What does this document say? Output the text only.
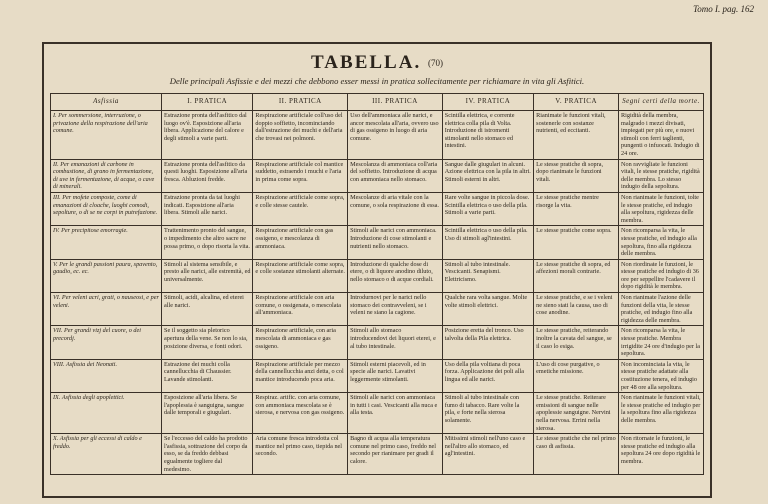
Tomo I. pag. 162
TABELLA. $^{(70)}$
Delle principali Asfissie e dei mezzi che debbono esser messi in pratica sollecitamente per richiamare in vita gli Asfitici.
Asfissia	I. PRATICA	II. PRATICA	III. PRATICA	IV. PRATICA	V. PRATICA	Segni certi della morte.
I. Per sommersione, interruzione, o privazione della respirazione dell'aria comune.	Estrazione pronta dell'asfitico dal luogo ov'è. Esposizione all'aria libera. Applicazione del calore e degli stimoli a varie parti.	Respirazione artificiale coll'uso del doppio soffietto, incominciando dall'estrazione dei muchi e dell'aria che trovasi nei polmoni.	Uso dell'ammoniaca alle narici, e ancor mescolata all'aria, ovvero uso di gas ossigeno in luogo di aria comune.	Scintilla elettrica, e corrente elettrica colla pila di Volta. Introduzione di istromenti stimolanti nello stomaco ed intestini.	Rianimate le funzioni vitali, sostenerle con sostanze nutrienti, ed eccitanti.	Rigidità della membra, malgrado i mezzi divisati, impiegati per più ore, e nuovi stimoli con ferri taglienti, pungenti o infuocati. Indugio di 24 ore.
II. Per emanazioni di carbone in combustione, di grano in fermentazione, di uve in fermentazione, di acque, o cave di minerali.	Estrazione pronta dell'asfitico da questi luoghi. Esposizione all'aria fresca. Abluzioni fredde.	Respirazione artificiale col mantice suddetto, estraendo i muchi e l'aria in prima come sopra.	Mescolanza di ammoniaca coll'aria del soffietto. Introduzione di acqua con ammoniaca nello stomaco.	Sangue dalle giugulari in alcuni. Azione elettrica con la pila in altri. Stimoli esterni in altri.	Le stesse pratiche di sopra, dopo rianimate le funzioni vitali.	Non ravvigliate le funzioni vitali, le stesse pratiche, rigidità delle membra. Lo stesso indugio della sepoltura.
III. Per mofete composte, come di emanazioni di cloache, luoghi comodi, sepolture, o di se ne corpi in putrefazione.	Estrazione pronta da tai luoghi indicati. Esposizione all'aria libera. Stimoli alle narici.	Respirazione artificiale come sopra, e colle stesse cautele.	Mescolanze di aria vitale con la comune, o sola respirazione di essa.	Rare volte sangue in piccola dose. Scintilla elettrica o uso della pila. Stimoli a varie parti.	Le stesse pratiche mentre risorge la vita.	Non rianimate le funzioni, tolte le stesse pratiche, ed indugio alla sepoltura, rigidezza delle membra.
IV. Per precipitose emorragie.	Trattenimento pronto del sangue, o impedimento che altro sacre ne possa primo, o dopo risorta la vita.	Respirazione artificiale con gas ossigeno, e mescolanza di ammoniaca.	Stimoli alle narici con ammoniaca. Introduzione di cose stimolanti e nutrienti nello stomaco.	Scintilla elettrica o uso della pila. Uso di stimoli agl'intestini.	Le stesse pratiche come sopra.	Non ricomparsa la vita, le stesse pratiche, ed indugio alla sepoltura, fino alla rigidezza delle membra.
V. Per le grandi passioni paura, spavento, gaudio, ec. ec.	Stimoli al sistema sensibile, e presto alle narici, alle estremità, ed universalmente.	Respirazione artificiale come sopra, e colle sostanze stimolanti alternate.	Introduzione di qualche dose di etere, o di liquore anodino diluto, nello stomaco o di acque cordiali.	Stimoli al tubo intestinale. Vescicanti. Senapismi. Elettricismo.	Le stesse pratiche di sopra, ed affezioni morali contrarie.	Non riordinate le funzioni, le stesse pratiche ed indugio di 36 ore per seppellire l'cadavere il dopo rigidità le membra.
VI. Per veleni acri, grati, o nauseosi, e per veleni.	Stimoli, acidi, alcalina, ed eterei alle narici.	Respirazione artificiale con aria comune, o ossigenata, o mescolata all'ammoniaca.	Introdurnovi per le narici nello stomaco dei contravveleni, se i veleni ne siano la cagione.	Qualche rara volta sangue. Molte volte stimoli elettrici.	Le stesse pratiche, e se i veleni ne sieno stati la causa, uso di cose anodine.	Non rianimate l'azione delle funzioni della vita, le stesse pratiche, ed indugio fino alla rigidezza delle membra.
VII. Per grandi vizj del cuore, o dei precordj.	Se il soggetto sia pletorico apertura della vene. Se non lo sia, posizione diversa, e fonti odori.	Respirazione artificiale, con aria mescolata di ammoniaca e gas ossigeno.	Stimoli allo stomaco introducendovi dei liquori eterei, e al tubo intestinale.	Posizione eretta del tronco. Uso talvolta della Pila elettrica.	Le stesse pratiche, reiterando inoltre la cavata del sangue, se il caso lo esiga.	Non ricomparsa la vita, le stesse pratiche. Membra irrigidite 24 ore d'indugio per la sepoltura.
VIII. Asfissia dei Neonati.	Estrazione dei muchi colla cannellucchia di Chaussier. Lavande stimolanti.	Respirazione artificiale per mezzo della cannellucchia anzi detta, o col mantice introducendo poca aria.	Stimoli esterni piacevoli, ed in specie alle narici. Lavativi leggermente stimolanti.	Uso della pila voltiana di poca forza. Applicazione dei poli alla lingua ed alle narici.	L'uso di cose purgative, o emetiche missione.	Non incominciata la vita, le stesse pratiche adattate alla costituzione tenera, ed indugio per 48 ore alla sepoltura.
IX. Asfissia degli apoplettici.	Esposizione all'aria libera. Se l'apoplessia è sanguigna, sangue dalle temporali e giugulari.	Respiraz. artific. con aria comune, con ammoniaca mescolata se è sierosa, e nervosa con gas ossigeno.	Stimoli alle narici con ammoniaca in tutti i casi. Vescicanti alla nuca e alla testa.	Stimoli al tubo intestinale con fumo di tabacco. Rare volte la pila, e forte nella sierosa solamente.	Le stesse pratiche. Reiterare emissioni di sangue nelle apoplessie sanguigne. Nervini nella nervosa. Errini nella sierosa.	Non rianimate le funzioni vitali, le stesse pratiche ed indugio per la sepoltura fino alla rigidezza delle membra.
X. Asfissia per gli eccessi di caldo e freddo.	Se l'eccesso del caldo ha prodotto l'asfissia, sottrazione del corpo da esso, se da freddo debbasi egualmente togliere dal medesimo.	Aria comune fresca introdotta col mantice nel primo caso, tiepida nel secondo.	Bagno di acqua alla temperatura comune nel primo caso, freddo nel secondo per rianimare per gradi il calore.	Mitissimi stimoli nell'uno caso e nell'altro allo stomaco, ed agl'intestini.	Le stesse pratiche che nel primo caso di asfissia.	Non ritornate le funzioni, le stesse pratiche ed indugio alla sepoltura 24 ore dopo rigidità le membra.
